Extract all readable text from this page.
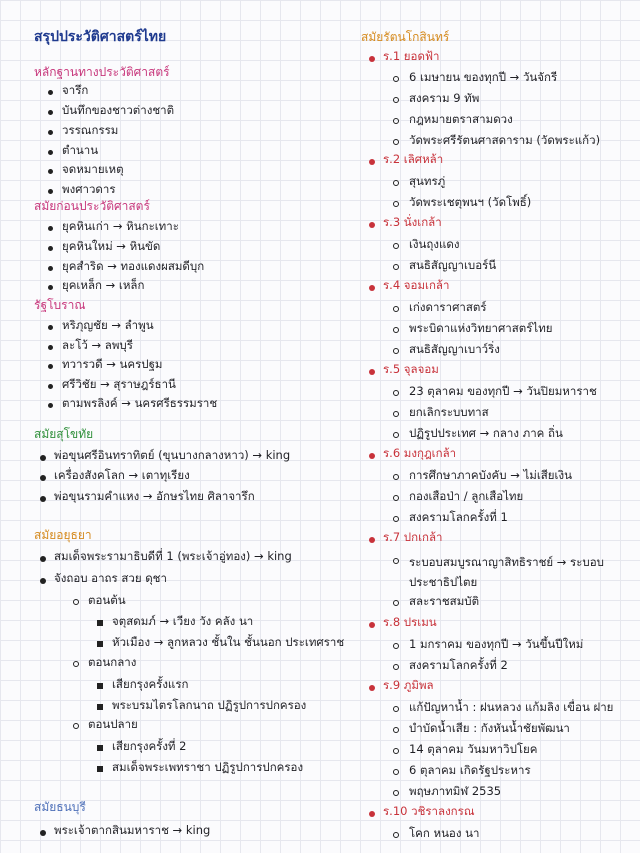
สรุปประวัติศาสตร์ไทย
หลักฐานทางประวัติศาสตร์
จารึก
บันทึกของชาวต่างชาติ
วรรณกรรม
ตำนาน
จดหมายเหตุ
พงศาวดาร
สมัยก่อนประวัติศาสตร์
ยุคหินเก่า → หินกะเทาะ
ยุคหินใหม่ → หินขัด
ยุคสำริด → ทองแดงผสมดีบุก
ยุคเหล็ก → เหล็ก
รัฐโบราณ
หริภุญชัย → ลำพูน
ละโว้ → ลพบุรี
ทวารวดี → นครปฐม
ศรีวิชัย → สุราษฎร์ธานี
ตามพรลิงค์ → นครศรีธรรมราช
สมัยสุโขทัย
พ่อขุนศรีอินทราทิตย์ (ขุนบางกลางหาว) → king
เครื่องสังคโลก → เตาทุเรียง
พ่อขุนรามคำแหง → อักษรไทย ศิลาจารึก
สมัยอยุธยา
สมเด็จพระรามาธิบดีที่ 1 (พระเจ้าอู่ทอง) → king
จังถอบ อาถร สวย ดุชา
ตอนต้น
จตุสดมภ์ → เวียง วัง คลัง นา
หัวเมือง → ลูกหลวง ชั้นใน ชั้นนอก ประเทศราช
ตอนกลาง
เสียกรุงครั้งแรก
พระบรมไตรโลกนาถ ปฏิรูปการปกครอง
ตอนปลาย
เสียกรุงครั้งที่ 2
สมเด็จพระเพทราชา ปฏิรูปการปกครอง
สมัยธนบุรี
พระเจ้าตากสินมหาราช → king
สมัยรัตนโกสินทร์
ร.1 ยอดฟ้า
6 เมษายน ของทุกปี → วันจักรี
สงคราม 9 ทัพ
กฎหมายตราสามดวง
วัดพระศรีรัตนศาสดาราม (วัดพระแก้ว)
ร.2 เลิศหล้า
สุนทรภู่
วัดพระเชตุพนฯ (วัดโพธิ์)
ร.3 นั่งเกล้า
เงินถุงแดง
สนธิสัญญาเบอร์นี
ร.4 จอมเกล้า
เก่งดาราศาสตร์
พระบิดาแห่งวิทยาศาสตร์ไทย
สนธิสัญญาเบาว์ริ่ง
ร.5 จุลจอม
23 ตุลาคม ของทุกปี → วันปิยมหาราช
ยกเลิกระบบทาส
ปฏิรูปประเทศ → กลาง ภาค ถิ่น
ร.6 มงกุฎเกล้า
การศึกษาภาคบังคับ → ไม่เสียเงิน
กองเสือป่า / ลูกเสือไทย
สงครามโลกครั้งที่ 1
ร.7 ปกเกล้า
ระบอบสมบูรณาญาสิทธิราชย์ → ระบอบประชาธิปไตย
สละราชสมบัติ
ร.8 ปรเมน
1 มกราคม ของทุกปี → วันขึ้นปีใหม่
สงครามโลกครั้งที่ 2
ร.9 ภูมิพล
แก้ปัญหาน้ำ : ฝนหลวง แก้มลิง เขื่อน ฝาย
บำบัดน้ำเสีย : กังหันน้ำชัยพัฒนา
14 ตุลาคม วันมหาวิปโยค
6 ตุลาคม เกิดรัฐประหาร
พฤษภาทมิฬ 2535
ร.10 วชิราลงกรณ
โคก หนอง นา
